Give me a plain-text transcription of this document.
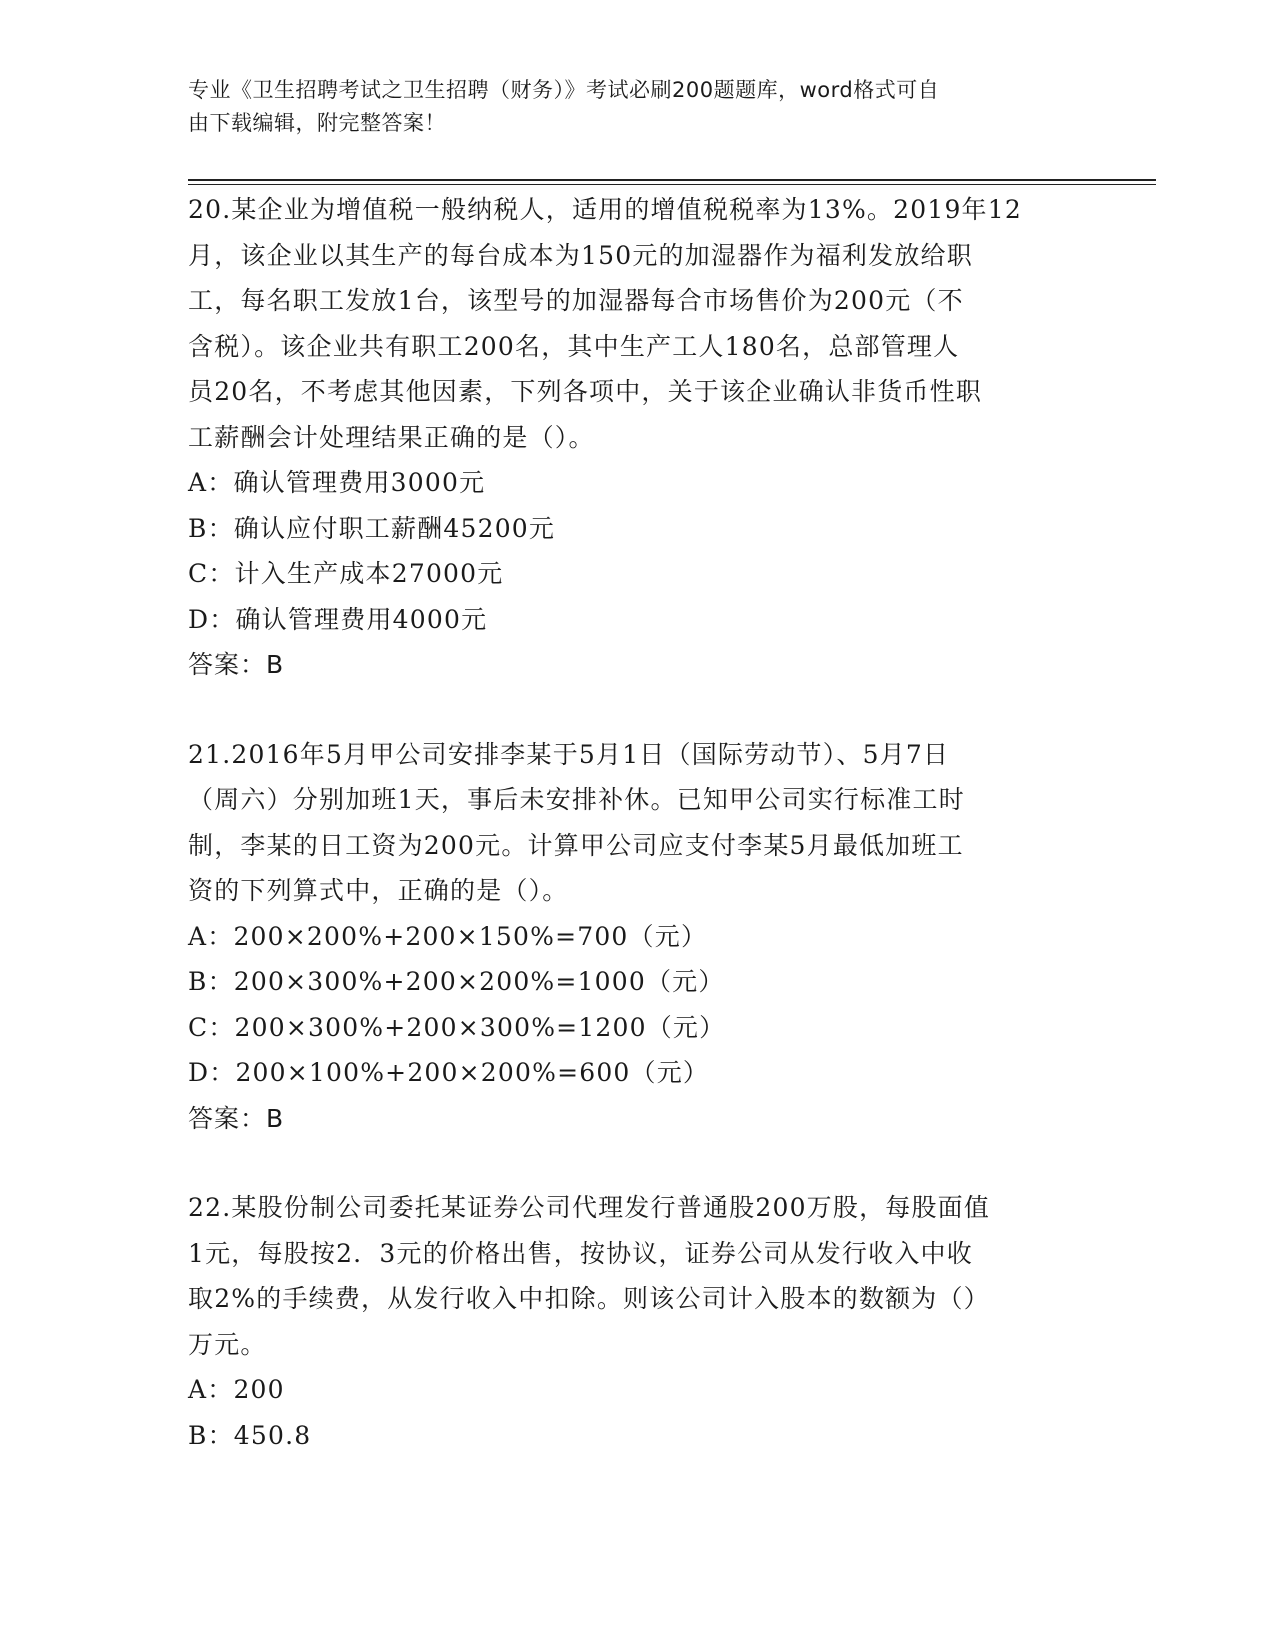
专业《卫生招聘考试之卫生招聘（财务）》考试必刷200题题库，word格式可自
由下载编辑，附完整答案！
20.某企业为增值税一般纳税人，适用的增值税税率为13%。2019年12
月，该企业以其生产的每台成本为150元的加湿器作为福利发放给职
工，每名职工发放1台，该型号的加湿器每合市场售价为200元（不
含税）。该企业共有职工200名，其中生产工人180名，总部管理人
员20名，不考虑其他因素，下列各项中，关于该企业确认非货币性职
工薪酬会计处理结果正确的是（）。
A：确认管理费用3000元
B：确认应付职工薪酬45200元
C：计入生产成本27000元
D：确认管理费用4000元
答案：B
21.2016年5月甲公司安排李某于5月1日（国际劳动节）、5月7日
（周六）分别加班1天，事后未安排补休。已知甲公司实行标准工时
制，李某的日工资为200元。计算甲公司应支付李某5月最低加班工
资的下列算式中，正确的是（）。
A：200×200%+200×150%=700（元）
B：200×300%+200×200%=1000（元）
C：200×300%+200×300%=1200（元）
D：200×100%+200×200%=600（元）
答案：B
22.某股份制公司委托某证券公司代理发行普通股200万股，每股面值
1元，每股按2．3元的价格出售，按协议，证券公司从发行收入中收
取2%的手续费，从发行收入中扣除。则该公司计入股本的数额为（）
万元。
A：200
B：450.8
